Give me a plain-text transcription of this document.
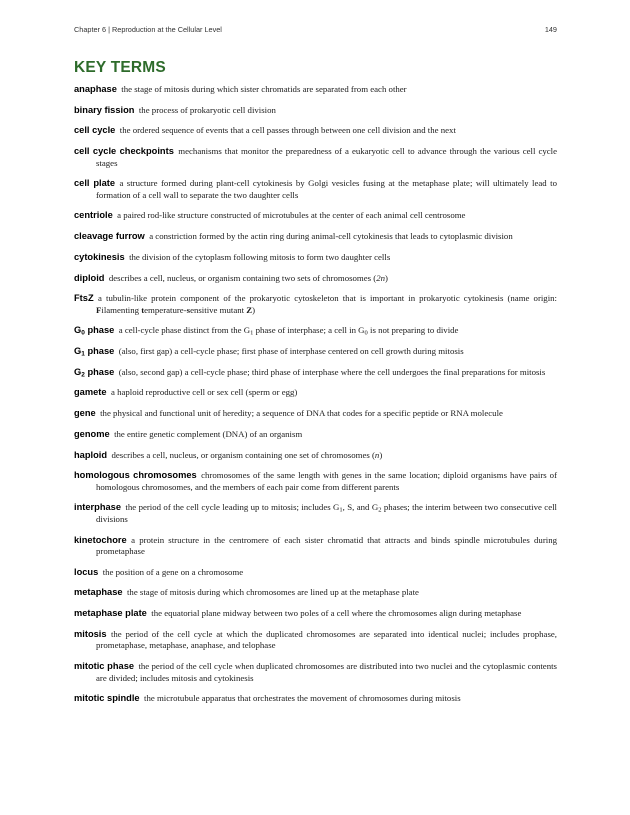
Chapter 6 | Reproduction at the Cellular Level	149
KEY TERMS

anaphase  the stage of mitosis during which sister chromatids are separated from each other

binary fission  the process of prokaryotic cell division

cell cycle  the ordered sequence of events that a cell passes through between one cell division and the next

cell cycle checkpoints  mechanisms that monitor the preparedness of a eukaryotic cell to advance through the various cell cycle stages

cell plate  a structure formed during plant-cell cytokinesis by Golgi vesicles fusing at the metaphase plate; will ultimately lead to formation of a cell wall to separate the two daughter cells

centriole  a paired rod-like structure constructed of microtubules at the center of each animal cell centrosome

cleavage furrow  a constriction formed by the actin ring during animal-cell cytokinesis that leads to cytoplasmic division

cytokinesis  the division of the cytoplasm following mitosis to form two daughter cells

diploid  describes a cell, nucleus, or organism containing two sets of chromosomes (2n)

FtsZ  a tubulin-like protein component of the prokaryotic cytoskeleton that is important in prokaryotic cytokinesis (name origin: Filamenting temperature-sensitive mutant Z)

$G_0$ phase  a cell-cycle phase distinct from the $G_1$ phase of interphase; a cell in $G_0$ is not preparing to divide

$G_1$ phase  (also, first gap) a cell-cycle phase; first phase of interphase centered on cell growth during mitosis

$G_2$ phase  (also, second gap) a cell-cycle phase; third phase of interphase where the cell undergoes the final preparations for mitosis

gamete  a haploid reproductive cell or sex cell (sperm or egg)

gene  the physical and functional unit of heredity; a sequence of DNA that codes for a specific peptide or RNA molecule

genome  the entire genetic complement (DNA) of an organism

haploid  describes a cell, nucleus, or organism containing one set of chromosomes (n)

homologous chromosomes  chromosomes of the same length with genes in the same location; diploid organisms have pairs of homologous chromosomes, and the members of each pair come from different parents

interphase  the period of the cell cycle leading up to mitosis; includes $G_1$, S, and $G_2$ phases; the interim between two consecutive cell divisions

kinetochore  a protein structure in the centromere of each sister chromatid that attracts and binds spindle microtubules during prometaphase

locus  the position of a gene on a chromosome

metaphase  the stage of mitosis during which chromosomes are lined up at the metaphase plate

metaphase plate  the equatorial plane midway between two poles of a cell where the chromosomes align during metaphase

mitosis  the period of the cell cycle at which the duplicated chromosomes are separated into identical nuclei; includes prophase, prometaphase, metaphase, anaphase, and telophase

mitotic phase  the period of the cell cycle when duplicated chromosomes are distributed into two nuclei and the cytoplasmic contents are divided; includes mitosis and cytokinesis

mitotic spindle  the microtubule apparatus that orchestrates the movement of chromosomes during mitosis
